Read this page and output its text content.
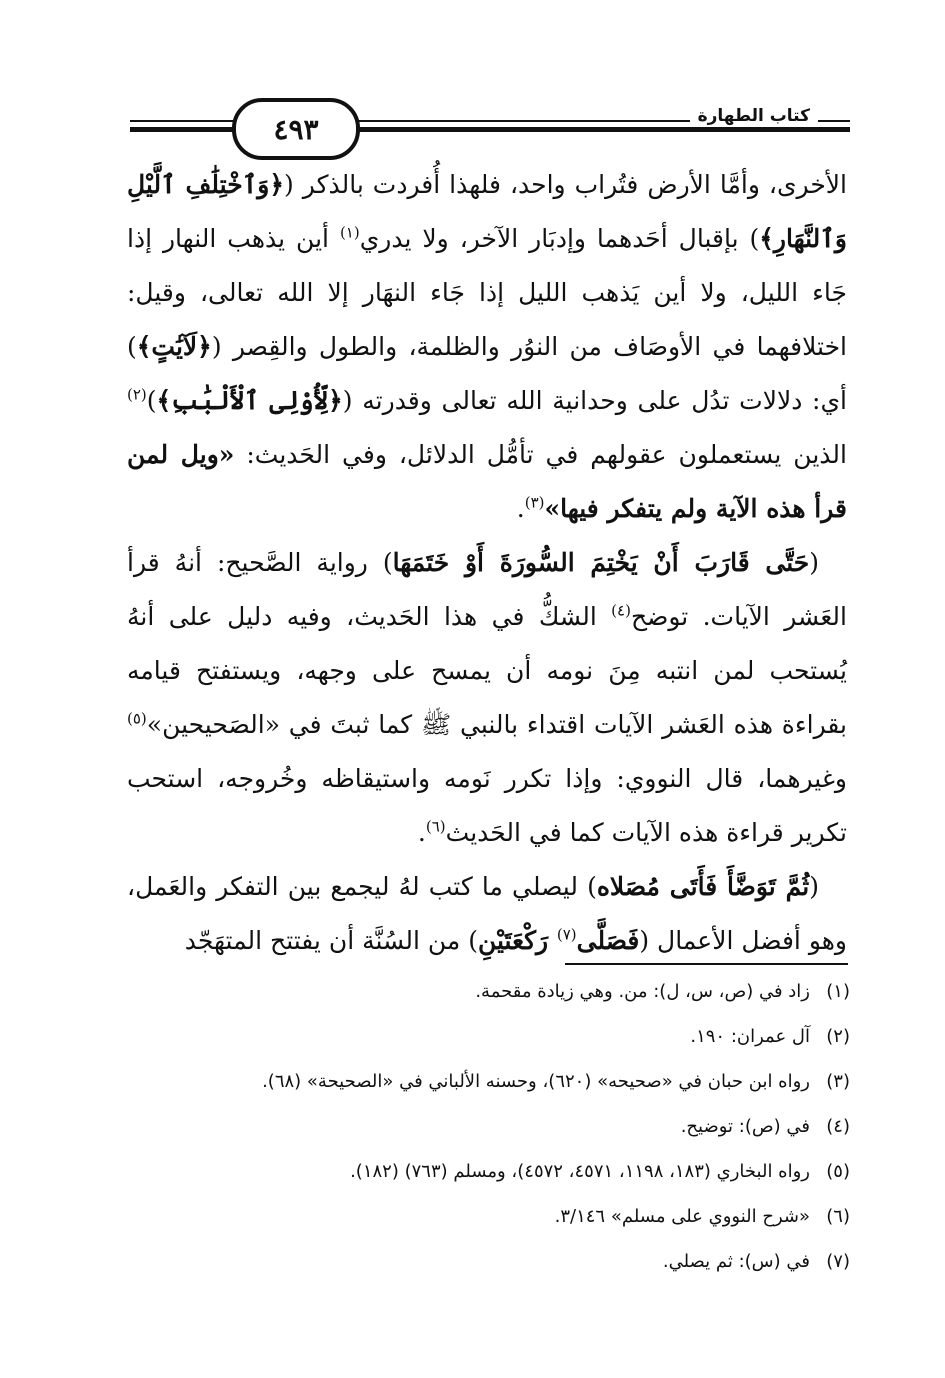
٤٩٣	كتاب الطهارة

الأخرى، وأمَّا الأرض فتُراب واحد، فلهذا أُفردت بالذكر (﴿وَٱخْتِلَٰفِ ٱلَّيْلِ وَٱلنَّهَارِ﴾) بإقبال أحَدهما وإدبَار الآخر، ولا يدري$^{(١)}$ أين يذهب النهار إذا جَاء الليل، ولا أين يَذهب الليل إذا جَاء النهَار إلا الله تعالى، وقيل: اختلافهما في الأوصَاف من النوُر والظلمة، والطول والقِصر (﴿لَآيَٰتٍ﴾) أي: دلالات تدُل على وحدانية الله تعالى وقدرته (﴿لِّأُوْلِى ٱلْأَلْبَٰبِ﴾)$^{(٢)}$ الذين يستعملون عقولهم في تأمُّل الدلائل، وفي الحَديث: «ويل لمن قرأ هذه الآية ولم يتفكر فيها»$^{(٣)}$.

(حَتَّى قَارَبَ أَنْ يَخْتِمَ السُّورَةَ أَوْ خَتَمَهَا) رواية الصَّحيح: أنهُ قرأ العَشر الآيات. توضح$^{(٤)}$ الشكُّ في هذا الحَديث، وفيه دليل على أنهُ يُستحب لمن انتبه مِنَ نومه أن يمسح على وجهه، ويستفتح قيامه بقراءة هذه العَشر الآيات اقتداء بالنبي ﷺ كما ثبتَ في «الصَحيحين»$^{(٥)}$ وغيرهما، قال النووي: وإذا تكرر نَومه واستيقاظه وخُروجه، استحب تكرير قراءة هذه الآيات كما في الحَديث$^{(٦)}$.

(ثُمَّ تَوَضَّأَ فَأَتَى مُصَلاه) ليصلي ما كتب لهُ ليجمع بين التفكر والعَمل، وهو أفضل الأعمال (فَصَلَّى$^{(٧)}$ رَكْعَتَيْنِ) من السُنَّة أن يفتتح المتهَجّد

(١)زاد في (ص، س، ل): من. وهي زيادة مقحمة.
(٢)آل عمران: ١٩٠.
(٣)رواه ابن حبان في «صحيحه» (٦٢٠)، وحسنه الألباني في «الصحيحة» (٦٨).
(٤)في (ص): توضيح.
(٥)رواه البخاري (١٨٣، ١١٩٨، ٤٥٧١، ٤٥٧٢)، ومسلم (٧٦٣) (١٨٢).
(٦)«شرح النووي على مسلم» ٣/١٤٦.
(٧)في (س): ثم يصلي.
